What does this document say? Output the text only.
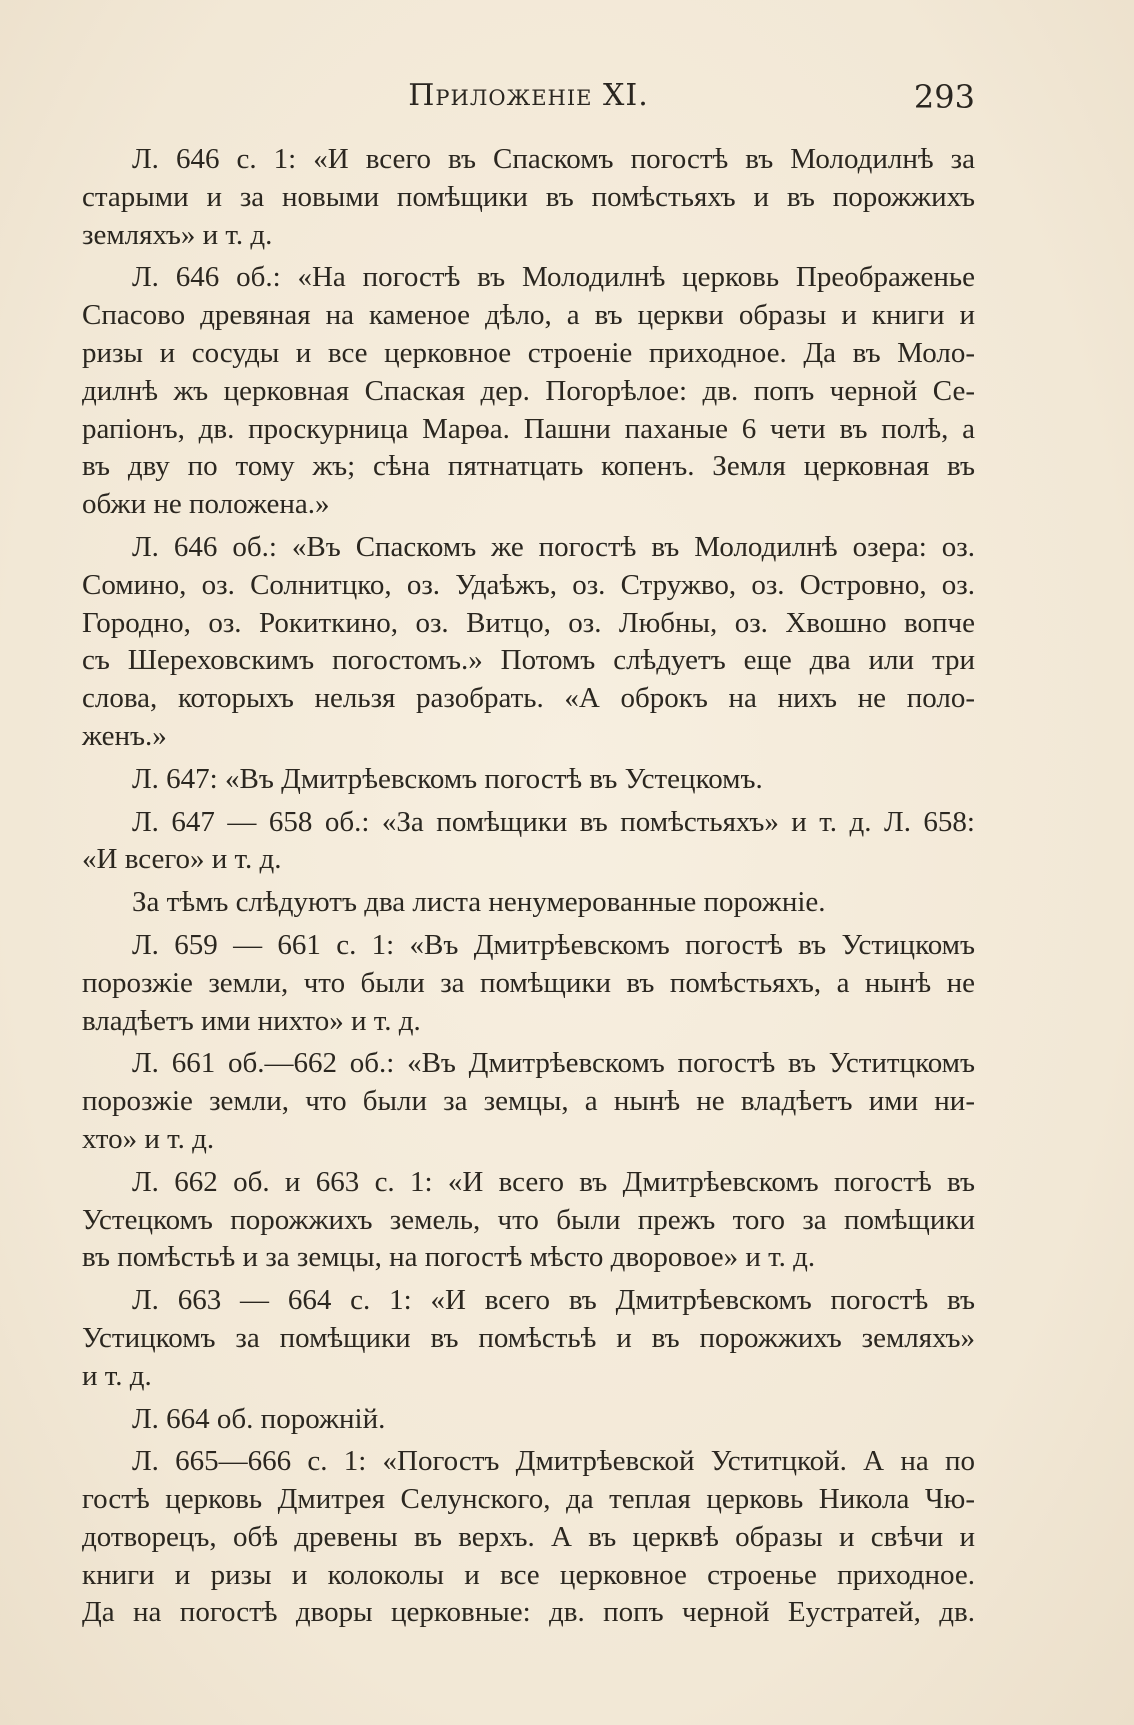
Приложеніе XI.	293
Л. 646 с. 1: «И всего въ Спаскомъ погостѣ въ Молодилнѣ за
старыми и за новыми помѣщики въ помѣстьяхъ и въ порожжихъ
земляхъ» и т. д.
Л. 646 об.: «На погостѣ въ Молодилнѣ церковь Преображенье
Спасово древяная на каменое дѣло, а въ церкви образы и книги и
ризы и сосуды и все церковное строеніе приходное. Да въ Моло-
дилнѣ жъ церковная Спаская дер. Погорѣлое: дв. попъ черной Се-
рапіонъ, дв. проскурница Марөа. Пашни паханые 6 чети въ полѣ, а
въ дву по тому жъ; сѣна пятнатцать копенъ. Земля церковная въ
обжи не положена.»
Л. 646 об.: «Въ Спаскомъ же погостѣ въ Молодилнѣ озера: оз.
Сомино, оз. Солнитцко, оз. Удаѣжъ, оз. Стружво, оз. Островно, оз.
Городно, оз. Рокиткино, оз. Витцо, оз. Любны, оз. Хвошно вопче
съ Шереховскимъ погостомъ.» Потомъ слѣдуетъ еще два или три
слова, которыхъ нельзя разобрать. «А оброкъ на нихъ не поло-
женъ.»
Л. 647: «Въ Дмитрѣевскомъ погостѣ въ Устецкомъ.
Л. 647 — 658 об.: «За помѣщики въ помѣстьяхъ» и т. д. Л. 658:
«И всего» и т. д.
За тѣмъ слѣдуютъ два листа ненумерованные порожніе.
Л. 659 — 661 с. 1: «Въ Дмитрѣевскомъ погостѣ въ Устицкомъ
порозжіе земли, что были за помѣщики въ помѣстьяхъ, а нынѣ не
владѣетъ ими нихто» и т. д.
Л. 661 об.—662 об.: «Въ Дмитрѣевскомъ погостѣ въ Уститцкомъ
порозжіе земли, что были за земцы, а нынѣ не владѣетъ ими ни-
хто» и т. д.
Л. 662 об. и 663 с. 1: «И всего въ Дмитрѣевскомъ погостѣ въ
Устецкомъ порожжихъ земель, что были прежъ того за помѣщики
въ помѣстьѣ и за земцы, на погостѣ мѣсто дворовое» и т. д.
Л. 663 — 664 с. 1: «И всего въ Дмитрѣевскомъ погостѣ въ
Устицкомъ за помѣщики въ помѣстьѣ и въ порожжихъ земляхъ»
и т. д.
Л. 664 об. порожній.
Л. 665—666 с. 1: «Погостъ Дмитрѣевской Уститцкой. А на по
гостѣ церковь Дмитрея Селунского, да теплая церковь Никола Чю-
дотворецъ, обѣ древены въ верхъ. А въ церквѣ образы и свѣчи и
книги и ризы и колоколы и все церковное строенье приходное.
Да на погостѣ дворы церковные: дв. попъ черной Еустратей, дв.
